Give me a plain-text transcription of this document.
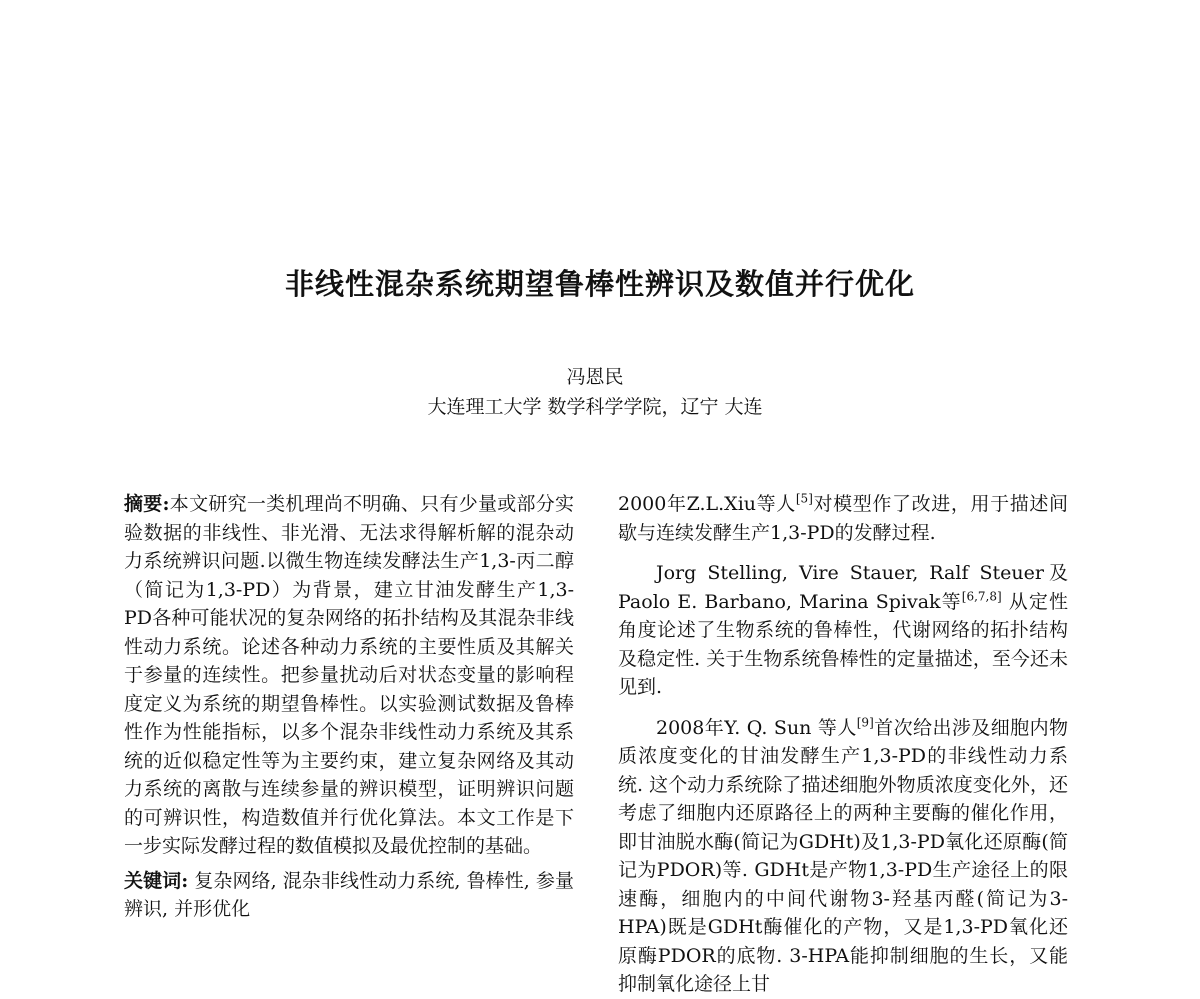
非线性混杂系统期望鲁棒性辨识及数值并行优化
冯恩民
大连理工大学 数学科学学院，辽宁 大连

摘要:本文研究一类机理尚不明确、只有少量或部分实验数据的非线性、非光滑、无法求得解析解的混杂动力系统辨识问题.以微生物连续发酵法生产1,3-丙二醇（简记为1,3-PD）为背景，建立甘油发酵生产1,3-PD各种可能状况的复杂网络的拓扑结构及其混杂非线性动力系统。论述各种动力系统的主要性质及其解关于参量的连续性。把参量扰动后对状态变量的影响程度定义为系统的期望鲁棒性。以实验测试数据及鲁棒性作为性能指标，以多个混杂非线性动力系统及其系统的近似稳定性等为主要约束，建立复杂网络及其动力系统的离散与连续参量的辨识模型，证明辨识问题的可辨识性，构造数值并行优化算法。本文工作是下一步实际发酵过程的数值模拟及最优控制的基础。

关键词: 复杂网络, 混杂非线性动力系统, 鲁棒性, 参量辨识, 并形优化

2000年Z.L.Xiu等人[5]对模型作了改进，用于描述间歇与连续发酵生产1,3-PD的发酵过程.

Jorg Stelling, Vire Stauer, Ralf Steuer及Paolo E. Barbano, Marina Spivak等[6,7,8] 从定性角度论述了生物系统的鲁棒性，代谢网络的拓扑结构及稳定性. 关于生物系统鲁棒性的定量描述，至今还未见到.

2008年Y. Q. Sun 等人[9]首次给出涉及细胞内物质浓度变化的甘油发酵生产1,3-PD的非线性动力系统. 这个动力系统除了描述细胞外物质浓度变化外，还考虑了细胞内还原路径上的两种主要酶的催化作用，即甘油脱水酶(简记为GDHt)及1,3-PD氧化还原酶(简记为PDOR)等. GDHt是产物1,3-PD生产途径上的限速酶，细胞内的中间代谢物3-羟基丙醛(简记为3-HPA)既是GDHt酶催化的产物，又是1,3-PD氧化还原酶PDOR的底物. 3-HPA能抑制细胞的生长，又能抑制氧化途径上甘
